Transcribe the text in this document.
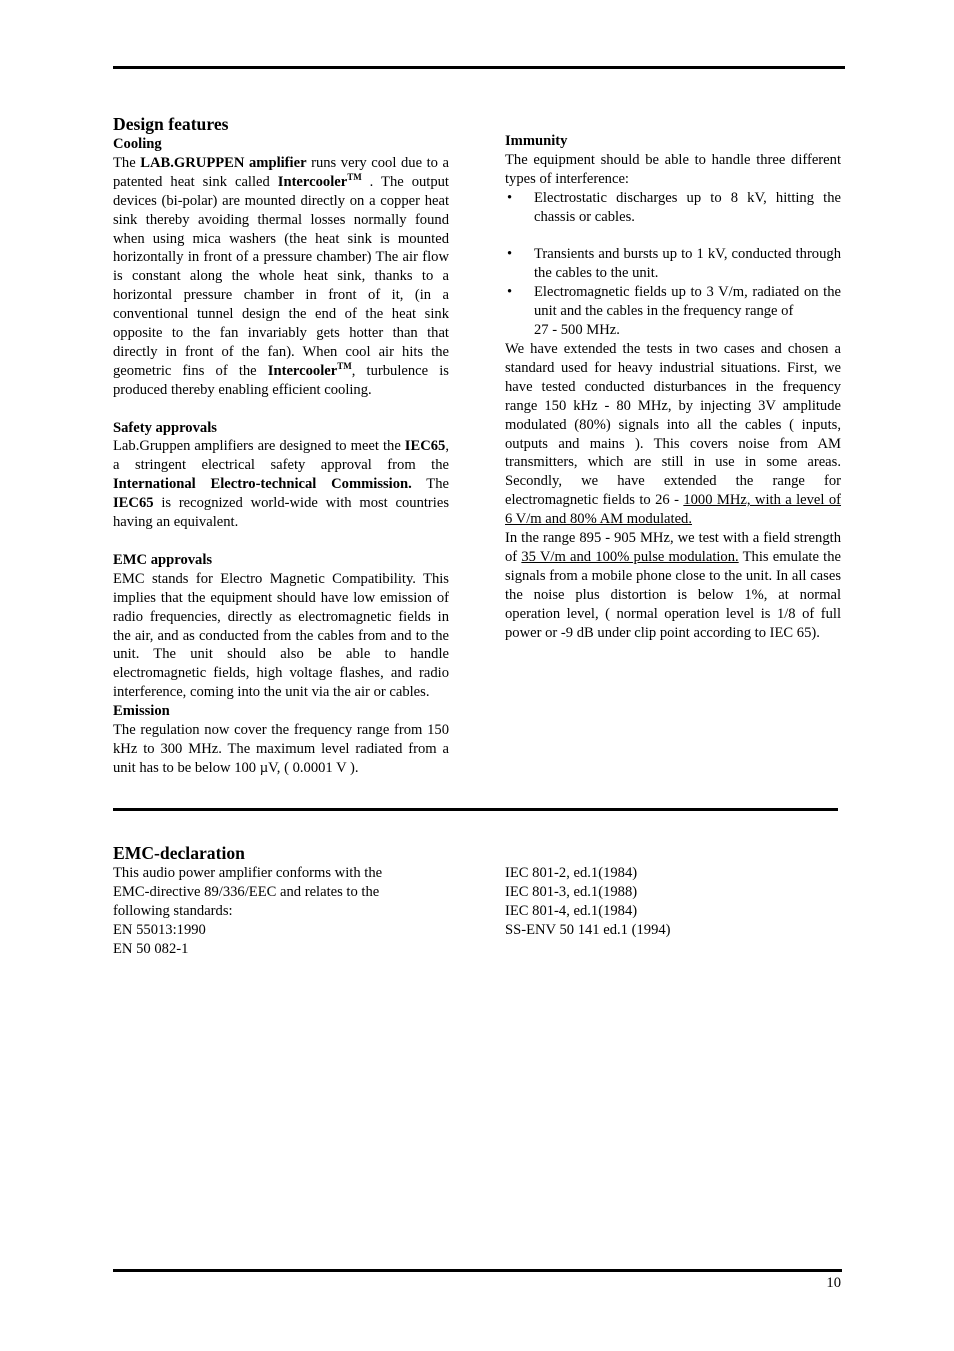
Design features
Cooling

The LAB.GRUPPEN amplifier runs very cool due to a patented heat sink called Intercooler™ . The output devices (bi-polar) are mounted directly on a copper heat sink thereby avoiding thermal losses normally found when using mica washers (the heat sink is mounted horizontally in front of a pressure chamber) The air flow is constant along the whole heat sink, thanks to a horizontal pressure chamber in front of it, (in a conventional tunnel design the end of the heat sink opposite to the fan invariably gets hotter than that directly in front of the fan). When cool air hits the geometric fins of the Intercooler™, turbulence is produced thereby enabling efficient cooling.

Safety approvals

Lab.Gruppen amplifiers are designed to meet the IEC65, a stringent electrical safety approval from the International Electro-technical Commission. The IEC65 is recognized world-wide with most countries having an equivalent.

EMC approvals

EMC stands for Electro Magnetic Compatibility. This implies that the equipment should have low emission of radio frequencies, directly as electromagnetic fields in the air, and as conducted from the cables from and to the unit. The unit should also be able to handle electromagnetic fields, high voltage flashes, and radio interference, coming into the unit via the air or cables.

Emission

The regulation now cover the frequency range from 150 kHz to 300 MHz. The maximum level radiated from a unit has to be below 100 µV, ( 0.0001 V ).

Immunity

The equipment should be able to handle three different types of interference:

• Electrostatic discharges up to 8 kV, hitting the chassis or cables.
• Transients and bursts up to 1 kV, conducted through the cables to the unit.
• Electromagnetic fields up to 3 V/m, radiated on the unit and the cables in the frequency range of
27 - 500 MHz.

We have extended the tests in two cases and chosen a standard used for heavy industrial situations. First, we have tested conducted disturbances in the frequency range 150 kHz - 80 MHz, by injecting 3V amplitude modulated (80%) signals into all the cables ( inputs, outputs and mains ). This covers noise from AM transmitters, which are still in use in some areas. Secondly, we have extended the range for electromagnetic fields to 26 - 1000 MHz, with a level of 6 V/m and 80% AM modulated.

In the range 895 - 905 MHz, we test with a field strength of 35 V/m and 100% pulse modulation. This emulate the signals from a mobile phone close to the unit. In all cases the noise plus distortion is below 1%, at normal operation level, ( normal operation level is 1/8 of full power or -9 dB under clip point according to IEC 65).

EMC-declaration

This audio power amplifier conforms with the

EMC-directive 89/336/EEC and relates to the

following standards:

EN 55013:1990

EN 50 082-1

IEC 801-2, ed.1(1984)

IEC 801-3, ed.1(1988)

IEC 801-4, ed.1(1984)

SS-ENV 50 141 ed.1 (1994)

10
